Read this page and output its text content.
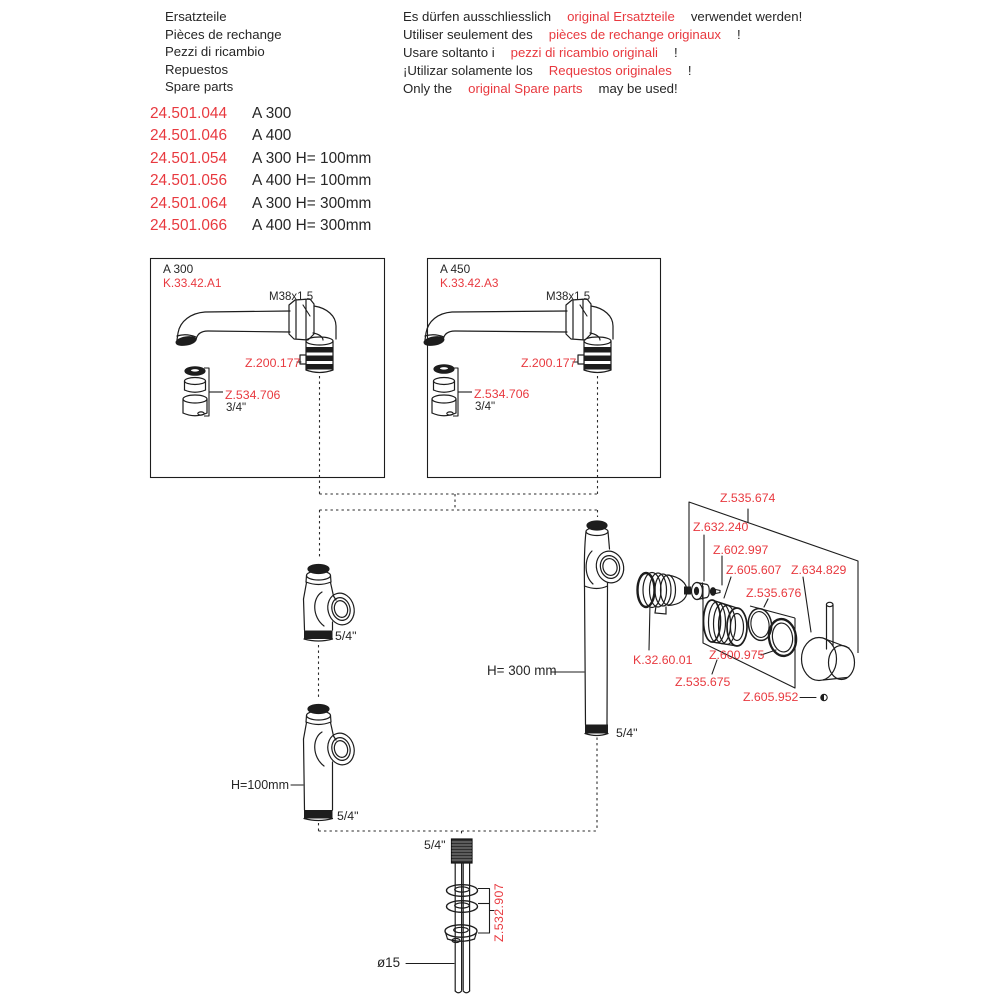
Ersatzteile
Pièces de rechange
Pezzi di ricambio
Repuestos
Spare parts
Es dürfen ausschliesslich original Ersatzteile verwendet werden!
Utiliser seulement des pièces de rechange originaux !
Usare soltanto i pezzi di ricambio originali !
¡Utilizar solamente los Requestos originales !
Only the original Spare parts may be used!
24.501.044 A 300
24.501.046 A 400
24.501.054 A 300 H= 100mm
24.501.056 A 400 H= 100mm
24.501.064 A 300 H= 300mm
24.501.066 A 400 H= 300mm
A 300
K.33.42.A1
M38x1.5
Z.200.177
Z.534.706
3/4"
A 450
K.33.42.A3
M38x1.5
Z.200.177
Z.534.706
3/4"
5/4"
H=100mm
5/4"
H= 300 mm
5/4"
Z.535.674
Z.632.240
Z.602.997
Z.605.607
Z.535.676
Z.634.829
K.32.60.01 Z.600.975
Z.535.675
Z.605.952
5/4"
Z.532.907
ø15
